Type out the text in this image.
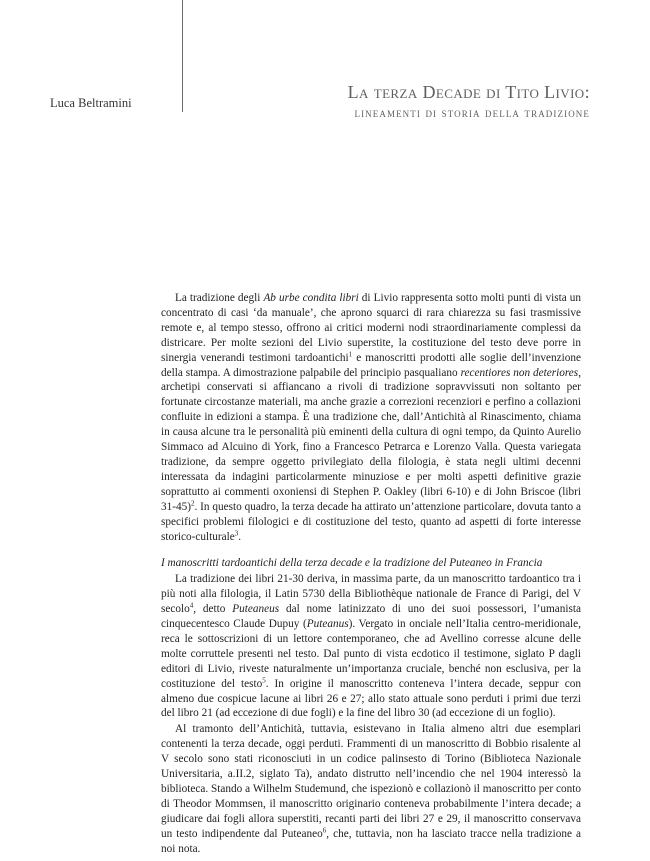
Luca Beltramini
La terza Decade di Tito Livio:
lineamenti di storia della tradizione

La tradizione degli Ab urbe condita libri di Livio rappresenta sotto molti punti di vista un concentrato di casi ‘da manuale’, che aprono squarci di rara chiarezza su fasi trasmissive remote e, al tempo stesso, offrono ai critici moderni nodi straordinariamente complessi da districare. Per molte sezioni del Livio superstite, la costituzione del testo deve porre in sinergia venerandi testimoni tardoantichi$^1$ e manoscritti prodotti alle soglie dell’invenzione della stampa. A dimostrazione palpabile del principio pasqualiano recentiores non deteriores, archetipi conservati si affiancano a rivoli di tradizione sopravvissuti non soltanto per fortunate circostanze materiali, ma anche grazie a correzioni recenziori e perfino a collazioni confluite in edizioni a stampa. È una tradizione che, dall’Antichità al Rinascimento, chiama in causa alcune tra le personalità più eminenti della cultura di ogni tempo, da Quinto Aurelio Simmaco ad Alcuino di York, fino a Francesco Petrarca e Lorenzo Valla. Questa variegata tradizione, da sempre oggetto privilegiato della filologia, è stata negli ultimi decenni interessata da indagini particolarmente minuziose e per molti aspetti definitive grazie soprattutto ai commenti oxoniensi di Stephen P. Oakley (libri 6-10) e di John Briscoe (libri 31-45)$^2$. In questo quadro, la terza decade ha attirato un’attenzione particolare, dovuta tanto a specifici problemi filologici e di costituzione del testo, quanto ad aspetti di forte interesse storico-culturale$^3$.

I manoscritti tardoantichi della terza decade e la tradizione del Puteaneo in Francia

La tradizione dei libri 21-30 deriva, in massima parte, da un manoscritto tardoantico tra i più noti alla filologia, il Latin 5730 della Bibliothèque nationale de France di Parigi, del V secolo$^4$, detto Puteaneus dal nome latinizzato di uno dei suoi possessori, l’umanista cinquecentesco Claude Dupuy (Puteanus). Vergato in onciale nell’Italia centro-meridionale, reca le sottoscrizioni di un lettore contemporaneo, che ad Avellino corresse alcune delle molte corruttele presenti nel testo. Dal punto di vista ecdotico il testimone, siglato P dagli editori di Livio, riveste naturalmente un’importanza cruciale, benché non esclusiva, per la costituzione del testo$^5$. In origine il manoscritto conteneva l’intera decade, seppur con almeno due cospicue lacune ai libri 26 e 27; allo stato attuale sono perduti i primi due terzi del libro 21 (ad eccezione di due fogli) e la fine del libro 30 (ad eccezione di un foglio).

Al tramonto dell’Antichità, tuttavia, esistevano in Italia almeno altri due esemplari contenenti la terza decade, oggi perduti. Frammenti di un manoscritto di Bobbio risalente al V secolo sono stati riconosciuti in un codice palinsesto di Torino (Biblioteca Nazionale Universitaria, a.II.2, siglato Ta), andato distrutto nell’incendio che nel 1904 interessò la biblioteca. Stando a Wilhelm Studemund, che ispezionò e collazionò il manoscritto per conto di Theodor Mommsen, il manoscritto originario conteneva probabilmente l’intera decade; a giudicare dai fogli allora superstiti, recanti parti dei libri 27 e 29, il manoscritto conservava un testo indipendente dal Puteaneo$^6$, che, tuttavia, non ha lasciato tracce nella tradizione a noi nota.
